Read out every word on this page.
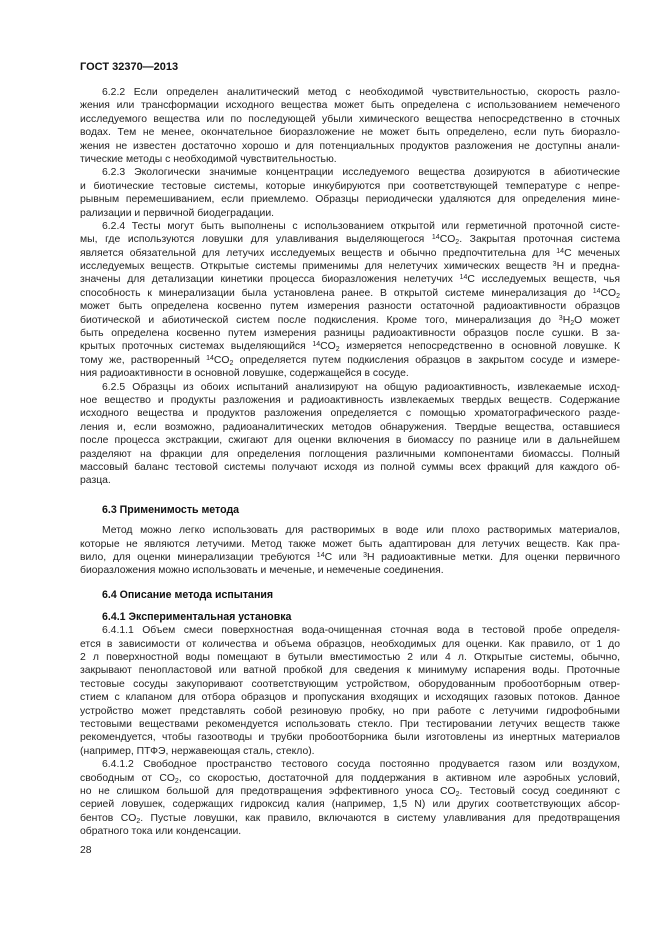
ГОСТ 32370—2013
6.2.2 Если определен аналитический метод с необходимой чувствительностью, скорость разло-
жения или трансформации исходного вещества может быть определена с использованием немеченого
исследуемого вещества или по последующей убыли химического вещества непосредственно в сточных
водах. Тем не менее, окончательное биоразложение не может быть определено, если путь биоразло-
жения не известен достаточно хорошо и для потенциальных продуктов разложения не доступны анали-
тические методы с необходимой чувствительностью.
6.2.3 Экологически значимые концентрации исследуемого вещества дозируются в абиотические
и биотические тестовые системы, которые инкубируются при соответствующей температуре с непре-
рывным перемешиванием, если приемлемо. Образцы периодически удаляются для определения мине-
рализации и первичной биодеградации.
6.2.4 Тесты могут быть выполнены с использованием открытой или герметичной проточной систе-
мы, где используются ловушки для улавливания выделяющегося $^{14}CO_2$. Закрытая проточная система
является обязательной для летучих исследуемых веществ и обычно предпочтительна для $^{14}$C меченых
исследуемых веществ. Открытые системы применимы для нелетучих химических веществ $^3$H и предна-
значены для детализации кинетики процесса биоразложения нелетучих $^{14}$C исследуемых веществ, чья
способность к минерализации была установлена ранее. В открытой системе минерализация до $^{14}CO_2$
может быть определена косвенно путем измерения разности остаточной радиоактивности образцов
биотической и абиотической систем после подкисления. Кроме того, минерализация до $^3H_2O$ может
быть определена косвенно путем измерения разницы радиоактивности образцов после сушки. В за-
крытых проточных системах выделяющийся $^{14}CO_2$ измеряется непосредственно в основной ловушке. К
тому же, растворенный $^{14}CO_2$ определяется путем подкисления образцов в закрытом сосуде и измере-
ния радиоактивности в основной ловушке, содержащейся в сосуде.
6.2.5 Образцы из обоих испытаний анализируют на общую радиоактивность, извлекаемые исход-
ное вещество и продукты разложения и радиоактивность извлекаемых твердых веществ. Содержание
исходного вещества и продуктов разложения определяется с помощью хроматографического разде-
ления и, если возможно, радиоаналитических методов обнаружения. Твердые вещества, оставшиеся
после процесса экстракции, сжигают для оценки включения в биомассу по разнице или в дальнейшем
разделяют на фракции для определения поглощения различными компонентами биомассы. Полный
массовый баланс тестовой системы получают исходя из полной суммы всех фракций для каждого об-
разца.
6.3 Применимость метода
Метод можно легко использовать для растворимых в воде или плохо растворимых материалов,
которые не являются летучими. Метод также может быть адаптирован для летучих веществ. Как пра-
вило, для оценки минерализации требуются $^{14}$C или $^3$H радиоактивные метки. Для оценки первичного
биоразложения можно использовать и меченые, и немеченые соединения.
6.4 Описание метода испытания
6.4.1 Экспериментальная установка
6.4.1.1 Объем смеси поверхностная вода-очищенная сточная вода в тестовой пробе определя-
ется в зависимости от количества и объема образцов, необходимых для оценки. Как правило, от 1 до
2 л поверхностной воды помещают в бутыли вместимостью 2 или 4 л. Открытые системы, обычно,
закрывают пенопластовой или ватной пробкой для сведения к минимуму испарения воды. Проточные
тестовые сосуды закупоривают соответствующим устройством, оборудованным пробоотборным отвер-
стием с клапаном для отбора образцов и пропускания входящих и исходящих газовых потоков. Данное
устройство может представлять собой резиновую пробку, но при работе с летучими гидрофобными
тестовыми веществами рекомендуется использовать стекло. При тестировании летучих веществ также
рекомендуется, чтобы газоотводы и трубки пробоотборника были изготовлены из инертных материалов
(например, ПТФЭ, нержавеющая сталь, стекло).
6.4.1.2 Свободное пространство тестового сосуда постоянно продувается газом или воздухом,
свободным от $CO_2$, со скоростью, достаточной для поддержания в активном иле аэробных условий,
но не слишком большой для предотвращения эффективного уноса $CO_2$. Тестовый сосуд соединяют с
серией ловушек, содержащих гидроксид калия (например, 1,5 N) или других соответствующих абсор-
бентов $CO_2$. Пустые ловушки, как правило, включаются в систему улавливания для предотвращения
обратного тока или конденсации.
28
